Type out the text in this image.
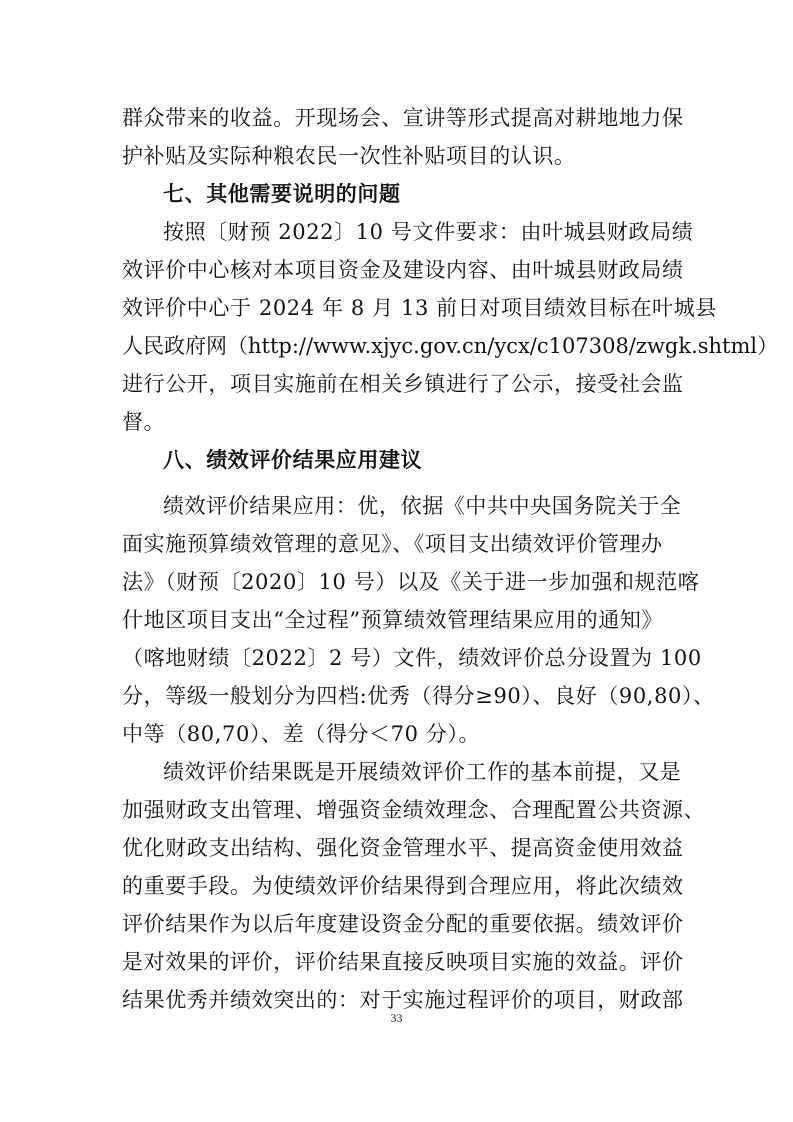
群众带来的收益。开现场会、宣讲等形式提高对耕地地力保
护补贴及实际种粮农民一次性补贴项目的认识。
七、其他需要说明的问题
按照〔财预 2022〕10 号文件要求：由叶城县财政局绩
效评价中心核对本项目资金及建设内容、由叶城县财政局绩
效评价中心于 2024 年 8 月 13 前日对项目绩效目标在叶城县
人民政府网（http://www.xjyc.gov.cn/ycx/c107308/zwgk.shtml）
进行公开，项目实施前在相关乡镇进行了公示，接受社会监
督。
八、绩效评价结果应用建议
绩效评价结果应用：优，依据《中共中央国务院关于全
面实施预算绩效管理的意见》、《项目支出绩效评价管理办
法》（财预〔2020〕10 号）以及《关于进一步加强和规范喀
什地区项目支出“全过程”预算绩效管理结果应用的通知》
（喀地财绩〔2022〕2 号）文件，绩效评价总分设置为 100
分，等级一般划分为四档:优秀（得分≥90）、良好（90,80）、
中等（80,70）、差（得分＜70 分）。
绩效评价结果既是开展绩效评价工作的基本前提，又是
加强财政支出管理、增强资金绩效理念、合理配置公共资源、
优化财政支出结构、强化资金管理水平、提高资金使用效益
的重要手段。为使绩效评价结果得到合理应用，将此次绩效
评价结果作为以后年度建设资金分配的重要依据。绩效评价
是对效果的评价，评价结果直接反映项目实施的效益。评价
结果优秀并绩效突出的：对于实施过程评价的项目，财政部
33
